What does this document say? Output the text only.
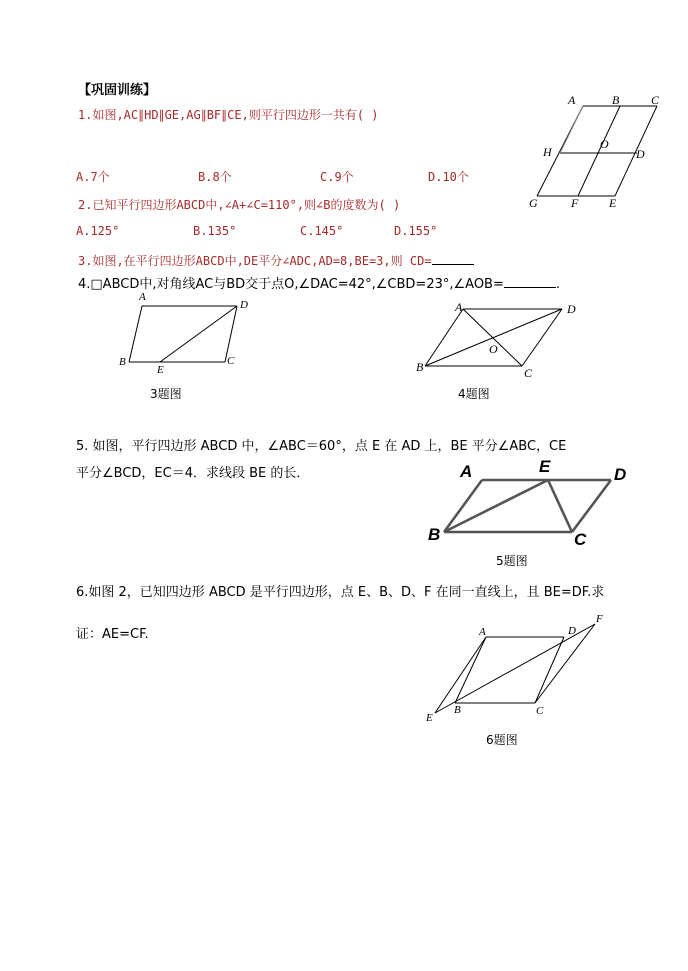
【巩固训练】
1.如图,AC∥HD∥GE,AG∥BF∥CE,则平行四边形一共有( )
A.7个	B.8个	C.9个	D.10个
A	B	C
H
O
D
G	F	E
2.已知平行四边形ABCD中,∠A+∠C=110°,则∠B的度数为( )
A.125°	B.135°	C.145°	D.155°
3.如图,在平行四边形ABCD中,DE平分∠ADC,AD=8,BE=3,则 CD=
4.□ABCD中,对角线AC与BD交于点O,∠DAC=42°,∠CBD=23°,∠AOB=	.
A
D
B
E
C
3题图
A	D
O
B	C
4题图
5. 如图，平行四边形 ABCD 中，∠ABC＝60°，点 E 在 AD 上，BE 平分∠ABC，CE
平分∠BCD，EC＝4．求线段 BE 的长．	A	E	D
B	C
5题图
6.如图 2，已知四边形 ABCD 是平行四边形，点 E、B、D、F 在同一直线上，且 BE=DF.求
证：AE=CF.	A	D
F
E
B	C
6题图
